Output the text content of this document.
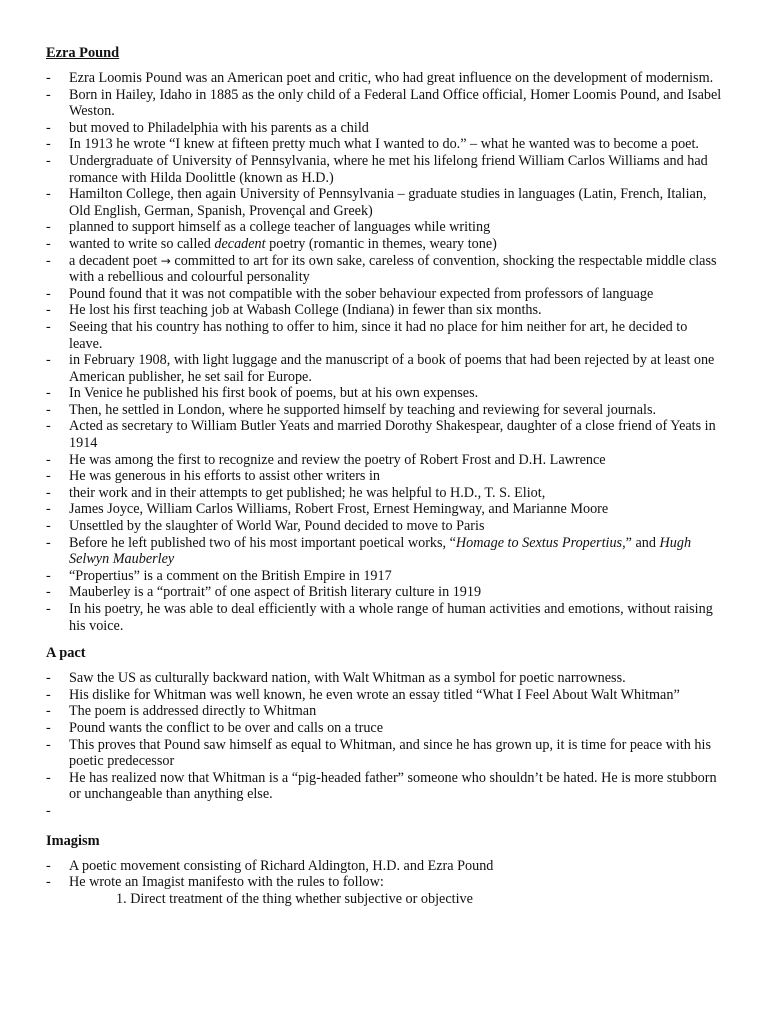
Ezra Pound
- Ezra Loomis Pound was an American poet and critic, who had great influence on the development of modernism.
- Born in Hailey, Idaho in 1885 as the only child of a Federal Land Office official, Homer Loomis Pound, and Isabel Weston.
- but moved to Philadelphia with his parents as a child
- In 1913 he wrote “I knew at fifteen pretty much what I wanted to do.” – what he wanted was to become a poet.
- Undergraduate of University of Pennsylvania, where he met his lifelong friend William Carlos Williams and had romance with Hilda Doolittle (known as H.D.)
- Hamilton College, then again University of Pennsylvania – graduate studies in languages (Latin, French, Italian, Old English, German, Spanish, Provençal and Greek)
- planned to support himself as a college teacher of languages while writing
- wanted to write so called decadent poetry (romantic in themes, weary tone)
- a decadent poet → committed to art for its own sake, careless of convention, shocking the respectable middle class with a rebellious and colourful personality
- Pound found that it was not compatible with the sober behaviour expected from professors of language
- He lost his first teaching job at Wabash College (Indiana) in fewer than six months.
- Seeing that his country has nothing to offer to him, since it had no place for him neither for art, he decided to leave.
- in February 1908, with light luggage and the manuscript of a book of poems that had been rejected by at least one American publisher, he set sail for Europe.
- In Venice he published his first book of poems, but at his own expenses.
- Then, he settled in London, where he supported himself by teaching and reviewing for several journals.
- Acted as secretary to William Butler Yeats and married Dorothy Shakespear, daughter of a close friend of Yeats in 1914
- He was among the first to recognize and review the poetry of Robert Frost and D.H. Lawrence
- He was generous in his efforts to assist other writers in
- their work and in their attempts to get published; he was helpful to H.D., T. S. Eliot,
- James Joyce, William Carlos Williams, Robert Frost, Ernest Hemingway, and Marianne Moore
- Unsettled by the slaughter of World War, Pound decided to move to Paris
- Before he left published two of his most important poetical works, “Homage to Sextus Propertius,” and Hugh Selwyn Mauberley
- “Propertius” is a comment on the British Empire in 1917
- Mauberley is a “portrait” of one aspect of British literary culture in 1919
- In his poetry, he was able to deal efficiently with a whole range of human activities and emotions, without raising his voice.
A pact
- Saw the US as culturally backward nation, with Walt Whitman as a symbol for poetic narrowness.
- His dislike for Whitman was well known, he even wrote an essay titled “What I Feel About Walt Whitman”
- The poem is addressed directly to Whitman
- Pound wants the conflict to be over and calls on a truce
- This proves that Pound saw himself as equal to Whitman, and since he has grown up, it is time for peace with his poetic predecessor
- He has realized now that Whitman is a “pig-headed father” someone who shouldn’t be hated. He is more stubborn or unchangeable than anything else.
-

Imagism
- A poetic movement consisting of Richard Aldington, H.D. and Ezra Pound
- He wrote an Imagist manifesto with the rules to follow:
1. Direct treatment of the thing whether subjective or objective
